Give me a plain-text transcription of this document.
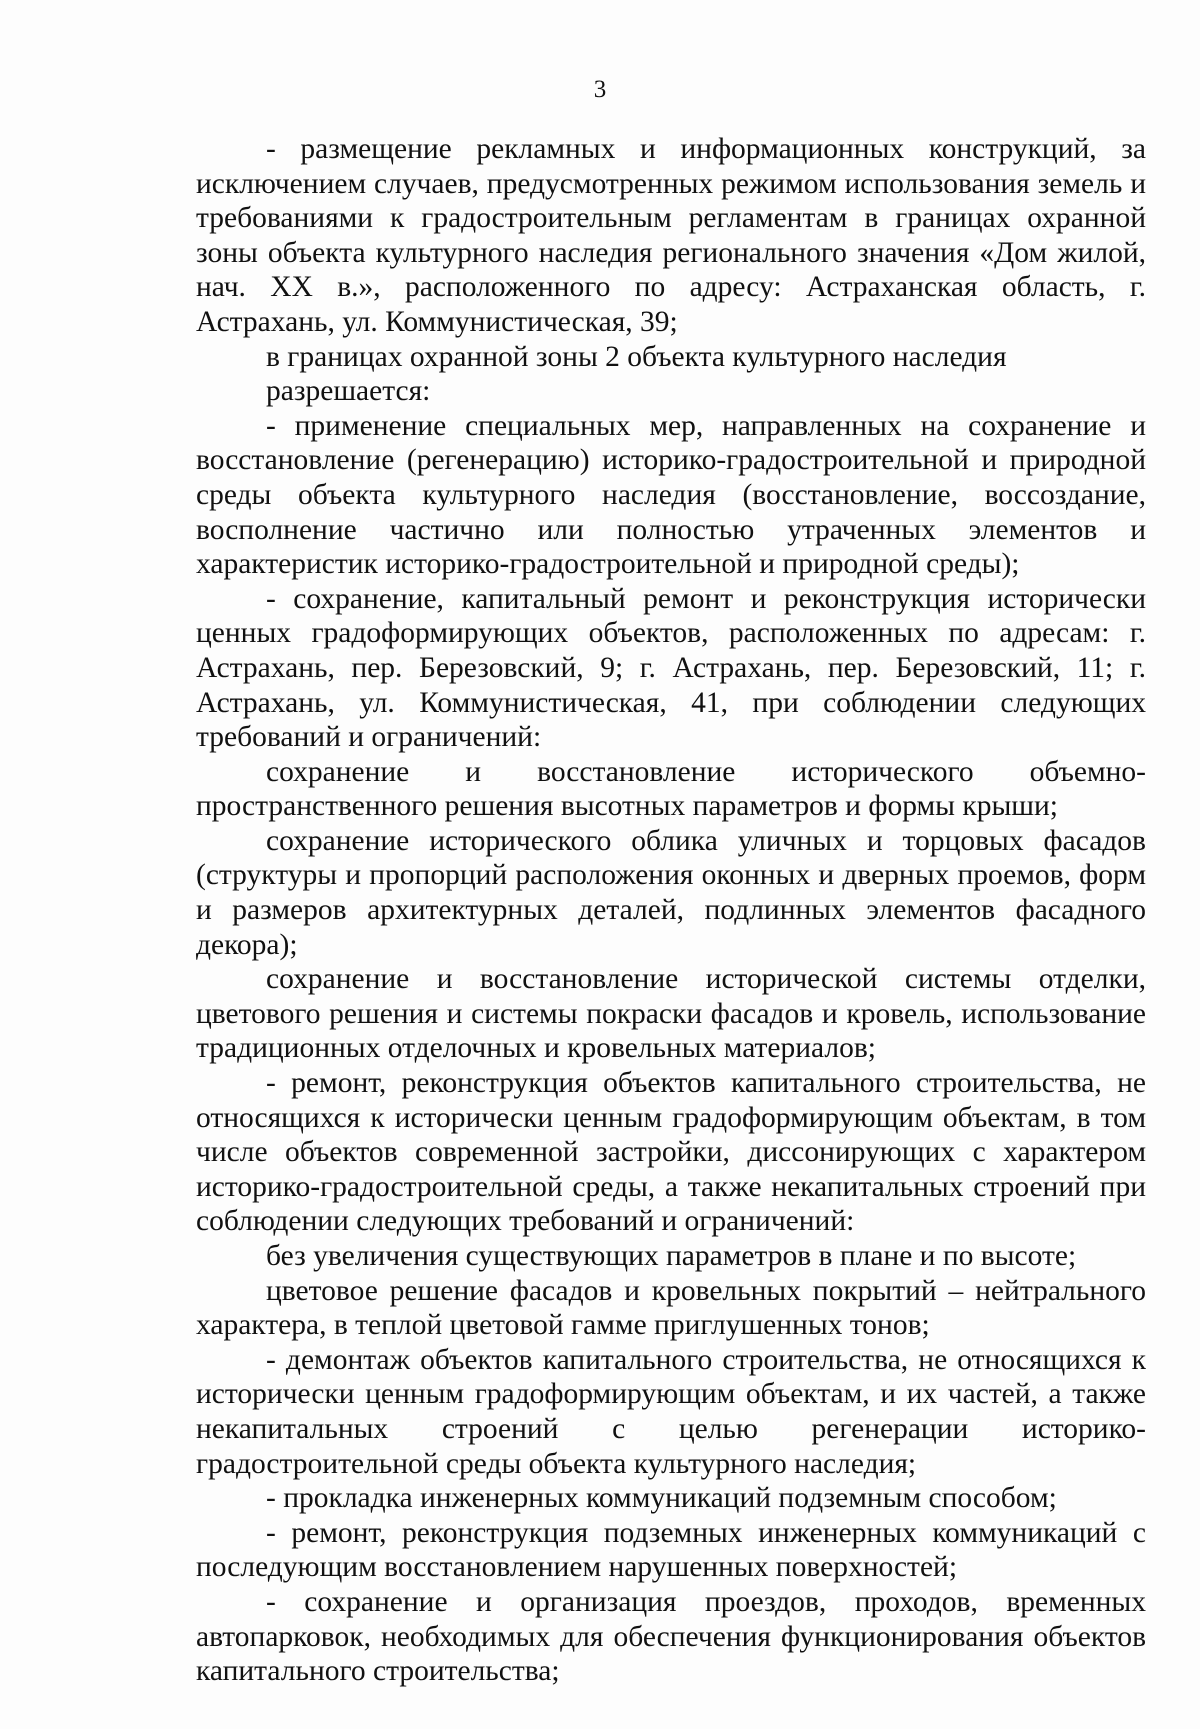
3

- размещение рекламных и информационных конструкций, за исключением случаев, предусмотренных режимом использования земель и требованиями к градостроительным регламентам в границах охранной зоны объекта культурного наследия регионального значения «Дом жилой, нач. XX в.», расположенного по адресу: Астраханская область, г. Астрахань, ул. Коммунистическая, 39;

в границах охранной зоны 2 объекта культурного наследия

разрешается:

- применение специальных мер, направленных на сохранение и восстановление (регенерацию) историко-градостроительной и природной среды объекта культурного наследия (восстановление, воссоздание, восполнение частично или полностью утраченных элементов и характеристик историко-градостроительной и природной среды);

- сохранение, капитальный ремонт и реконструкция исторически ценных градоформирующих объектов, расположенных по адресам: г. Астрахань, пер. Березовский, 9; г. Астрахань, пер. Березовский, 11; г. Астрахань, ул. Коммунистическая, 41, при соблюдении следующих требований и ограничений:

сохранение и восстановление исторического объемно-пространственного решения высотных параметров и формы крыши;

сохранение исторического облика уличных и торцовых фасадов (структуры и пропорций расположения оконных и дверных проемов, форм и размеров архитектурных деталей, подлинных элементов фасадного декора);

сохранение и восстановление исторической системы отделки, цветового решения и системы покраски фасадов и кровель, использование традиционных отделочных и кровельных материалов;

- ремонт, реконструкция объектов капитального строительства, не относящихся к исторически ценным градоформирующим объектам, в том числе объектов современной застройки, диссонирующих с характером историко-градостроительной среды, а также некапитальных строений при соблюдении следующих требований и ограничений:

без увеличения существующих параметров в плане и по высоте;

цветовое решение фасадов и кровельных покрытий – нейтрального характера, в теплой цветовой гамме приглушенных тонов;

- демонтаж объектов капитального строительства, не относящихся к исторически ценным градоформирующим объектам, и их частей, а также некапитальных строений с целью регенерации историко-градостроительной среды объекта культурного наследия;

- прокладка инженерных коммуникаций подземным способом;

- ремонт, реконструкция подземных инженерных коммуникаций с последующим восстановлением нарушенных поверхностей;

- сохранение и организация проездов, проходов, временных автопарковок, необходимых для обеспечения функционирования объектов капитального строительства;
